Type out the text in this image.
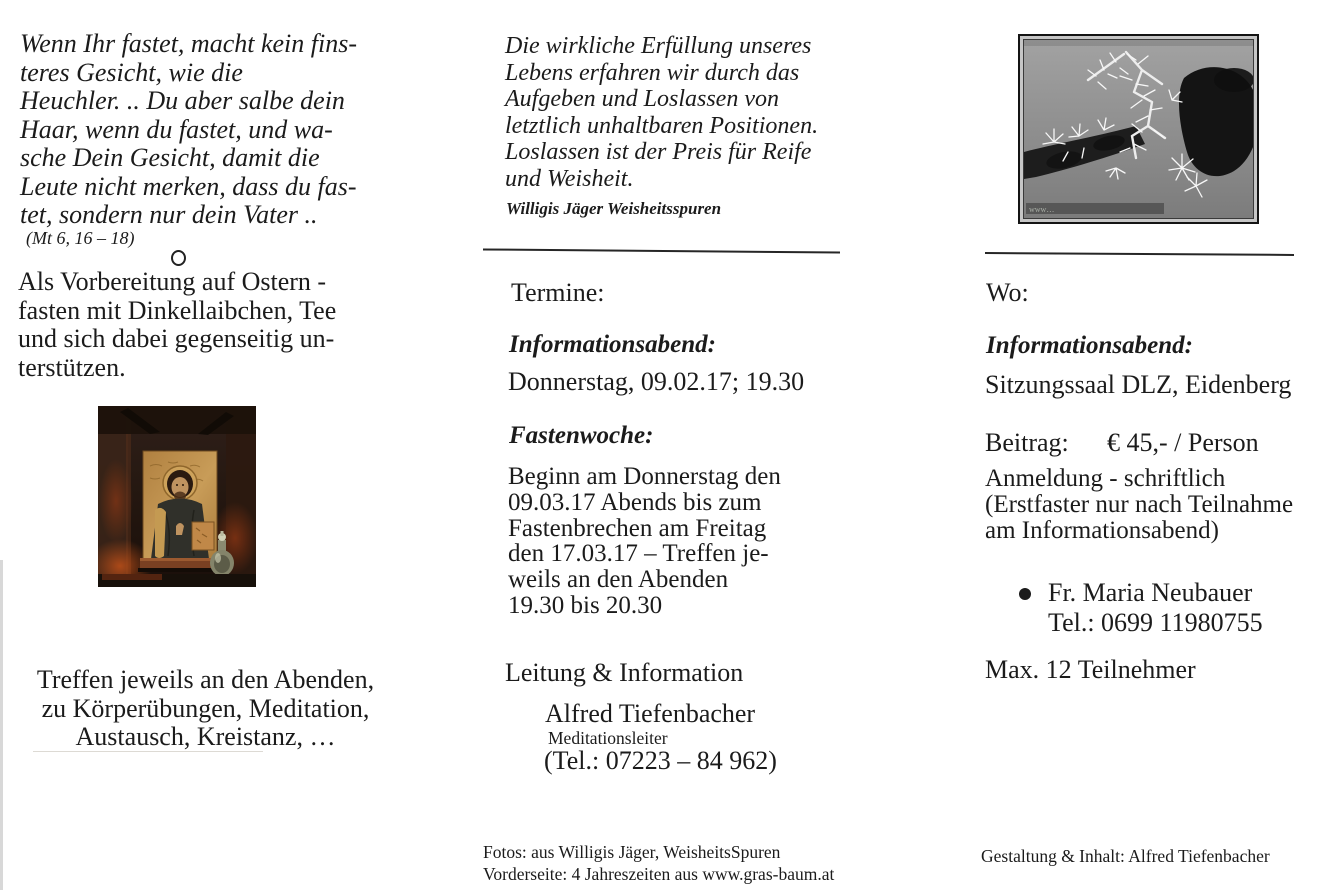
Wenn Ihr fastet, macht kein fins-
teres Gesicht, wie die
Heuchler. .. Du aber salbe dein
Haar, wenn du fastet, und wa-
sche Dein Gesicht, damit die
Leute nicht merken, dass du fas-
tet, sondern nur dein Vater ..
(Mt 6, 16 – 18)
Als Vorbereitung auf Ostern -
fasten mit Dinkellaibchen, Tee
und sich dabei gegenseitig un-
terstützen.
Treffen jeweils an den Abenden,
zu Körperübungen, Meditation,
Austausch, Kreistanz, …
Die wirkliche Erfüllung unseres
Lebens erfahren wir durch das
Aufgeben und Loslassen von
letztlich unhaltbaren Positionen.
Loslassen ist der Preis für Reife
und Weisheit.
Willigis Jäger Weisheitsspuren
Termine:
Informationsabend:
Donnerstag, 09.02.17; 19.30
Fastenwoche:
Beginn am Donnerstag den
09.03.17 Abends bis zum
Fastenbrechen am Freitag
den 17.03.17 – Treffen je-
weils an den Abenden
19.30 bis 20.30
Leitung & Information
Alfred Tiefenbacher
Meditationsleiter
(Tel.: 07223 – 84 962)
www…
Wo:
Informationsabend:
Sitzungssaal DLZ, Eidenberg
Beitrag: € 45,- / Person
Anmeldung - schriftlich
(Erstfaster nur nach Teilnahme
am Informationsabend)
Fr. Maria Neubauer
Tel.: 0699 11980755
Max. 12 Teilnehmer
Fotos: aus Willigis Jäger, WeisheitsSpuren
Vorderseite: 4 Jahreszeiten aus www.gras-baum.at
Gestaltung & Inhalt: Alfred Tiefenbacher
